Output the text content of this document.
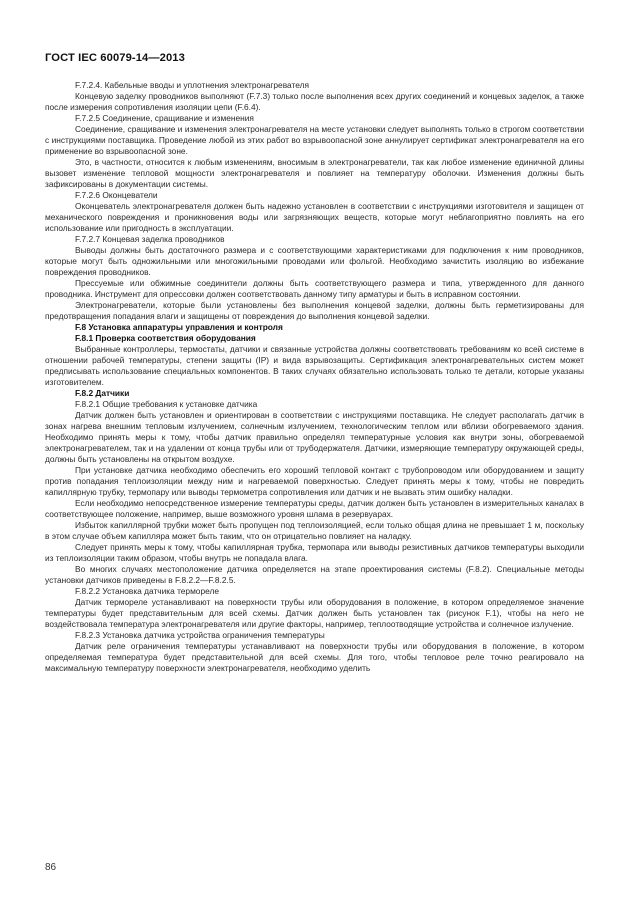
ГОСТ IEC 60079-14—2013

F.7.2.4. Кабельные вводы и уплотнения электронагревателя

Концевую заделку проводников выполняют (F.7.3) только после выполнения всех других соединений и концевых заделок, а также после измерения сопротивления изоляции цепи (F.6.4).

F.7.2.5 Соединение, сращивание и изменения

Соединение, сращивание и изменения электронагревателя на месте установки следует выполнять только в строгом соответствии с инструкциями поставщика. Проведение любой из этих работ во взрывоопасной зоне аннулирует сертификат электронагревателя на его применение во взрывоопасной зоне.

Это, в частности, относится к любым изменениям, вносимым в электронагреватели, так как любое изменение единичной длины вызовет изменение тепловой мощности электронагревателя и повлияет на температуру оболочки. Изменения должны быть зафиксированы в документации системы.

F.7.2.6 Оконцеватели

Оконцеватель электронагревателя должен быть надежно установлен в соответствии с инструкциями изготовителя и защищен от механического повреждения и проникновения воды или загрязняющих веществ, которые могут неблагоприятно повлиять на его использование или пригодность в эксплуатации.

F.7.2.7 Концевая заделка проводников

Выводы должны быть достаточного размера и с соответствующими характеристиками для подключения к ним проводников, которые могут быть одножильными или многожильными проводами или фольгой. Необходимо зачистить изоляцию во избежание повреждения проводников.

Прессуемые или обжимные соединители должны быть соответствующего размера и типа, утвержденного для данного проводника. Инструмент для опрессовки должен соответствовать данному типу арматуры и быть в исправном состоянии.

Электронагреватели, которые были установлены без выполнения концевой заделки, должны быть герметизированы для предотвращения попадания влаги и защищены от повреждения до выполнения концевой заделки.

F.8 Установка аппаратуры управления и контроля

F.8.1 Проверка соответствия оборудования

Выбранные контроллеры, термостаты, датчики и связанные устройства должны соответствовать требованиям ко всей системе в отношении рабочей температуры, степени защиты (IP) и вида взрывозащиты. Сертификация электронагревательных систем может предписывать использование специальных компонентов. В таких случаях обязательно использовать только те детали, которые указаны изготовителем.

F.8.2 Датчики

F.8.2.1 Общие требования к установке датчика

Датчик должен быть установлен и ориентирован в соответствии с инструкциями поставщика. Не следует располагать датчик в зонах нагрева внешним тепловым излучением, солнечным излучением, технологическим теплом или вблизи обогреваемого здания. Необходимо принять меры к тому, чтобы датчик правильно определял температурные условия как внутри зоны, обогреваемой электронагревателем, так и на удалении от конца трубы или от трубодержателя. Датчики, измеряющие температуру окружающей среды, должны быть установлены на открытом воздухе.

При установке датчика необходимо обеспечить его хороший тепловой контакт с трубопроводом или оборудованием и защиту против попадания теплоизоляции между ним и нагреваемой поверхностью. Следует принять меры к тому, чтобы не повредить капиллярную трубку, термопару или выводы термометра сопротивления или датчик и не вызвать этим ошибку наладки.

Если необходимо непосредственное измерение температуры среды, датчик должен быть установлен в измерительных каналах в соответствующее положение, например, выше возможного уровня шлама в резервуарах.

Избыток капиллярной трубки может быть пропущен под теплоизоляцией, если только общая длина не превышает 1 м, поскольку в этом случае объем капилляра может быть таким, что он отрицательно повлияет на наладку.

Следует принять меры к тому, чтобы капиллярная трубка, термопара или выводы резистивных датчиков температуры выходили из теплоизоляции таким образом, чтобы внутрь не попадала влага.

Во многих случаях местоположение датчика определяется на этапе проектирования системы (F.8.2). Специальные методы установки датчиков приведены в F.8.2.2—F.8.2.5.

F.8.2.2 Установка датчика термореле

Датчик термореле устанавливают на поверхности трубы или оборудования в положение, в котором определяемое значение температуры будет представительным для всей схемы. Датчик должен быть установлен так (рисунок F.1), чтобы на него не воздействовала температура электронагревателя или другие факторы, например, теплоотводящие устройства и солнечное излучение.

F.8.2.3 Установка датчика устройства ограничения температуры

Датчик реле ограничения температуры устанавливают на поверхности трубы или оборудования в положение, в котором определяемая температура будет представительной для всей схемы. Для того, чтобы тепловое реле точно реагировало на максимальную температуру поверхности электронагревателя, необходимо уделить

86
